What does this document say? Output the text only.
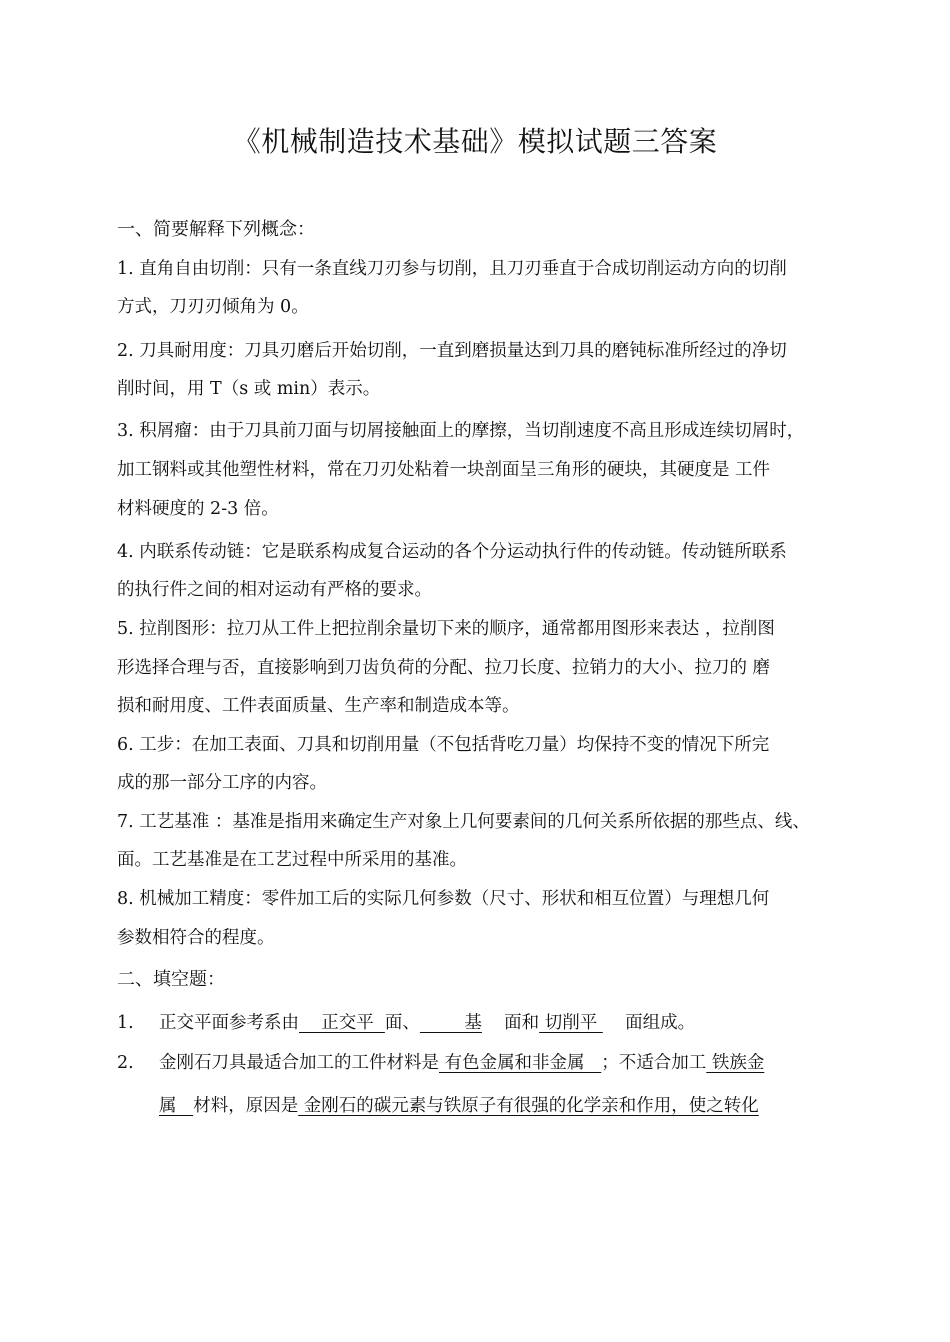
《机械制造技术基础》模拟试题三答案
一、简要解释下列概念：
1. 直角自由切削：只有一条直线刀刃参与切削，且刀刃垂直于合成切削运动方向的切削
方式，刀刃刃倾角为 0。
2. 刀具耐用度：刀具刃磨后开始切削，一直到磨损量达到刀具的磨钝标准所经过的净切
削时间，用 T（s 或 min）表示。
3. 积屑瘤：由于刀具前刀面与切屑接触面上的摩擦，当切削速度不高且形成连续切屑时，
加工钢料或其他塑性材料，常在刀刃处粘着一块剖面呈三角形的硬块，其硬度是 工件
材料硬度的 2-3 倍。
4. 内联系传动链：它是联系构成复合运动的各个分运动执行件的传动链。传动链所联系
的执行件之间的相对运动有严格的要求。
5. 拉削图形：拉刀从工件上把拉削余量切下来的顺序，通常都用图形来表达 ，拉削图
形选择合理与否，直接影响到刀齿负荷的分配、拉刀长度、拉销力的大小、拉刀的 磨
损和耐用度、工件表面质量、生产率和制造成本等。
6. 工步：在加工表面、刀具和切削用量（不包括背吃刀量）均保持不变的情况下所完
成的那一部分工序的内容。
7. 工艺基准 ：基准是指用来确定生产对象上几何要素间的几何关系所依据的那些点、线、
面。工艺基准是在工艺过程中所采用的基准。
8. 机械加工精度：零件加工后的实际几何参数（尺寸、形状和相互位置）与理想几何
参数相符合的程度。
二、填空题：
1. 正交平面参考系由    正交平  面、        基    面和 切削平     面组成。
2. 金刚石刀具最适合加工的工件材料是 有色金属和非金属   ；不适合加工 铁族金
属   材料，原因是 金刚石的碳元素与铁原子有很强的化学亲和作用，使之转化
